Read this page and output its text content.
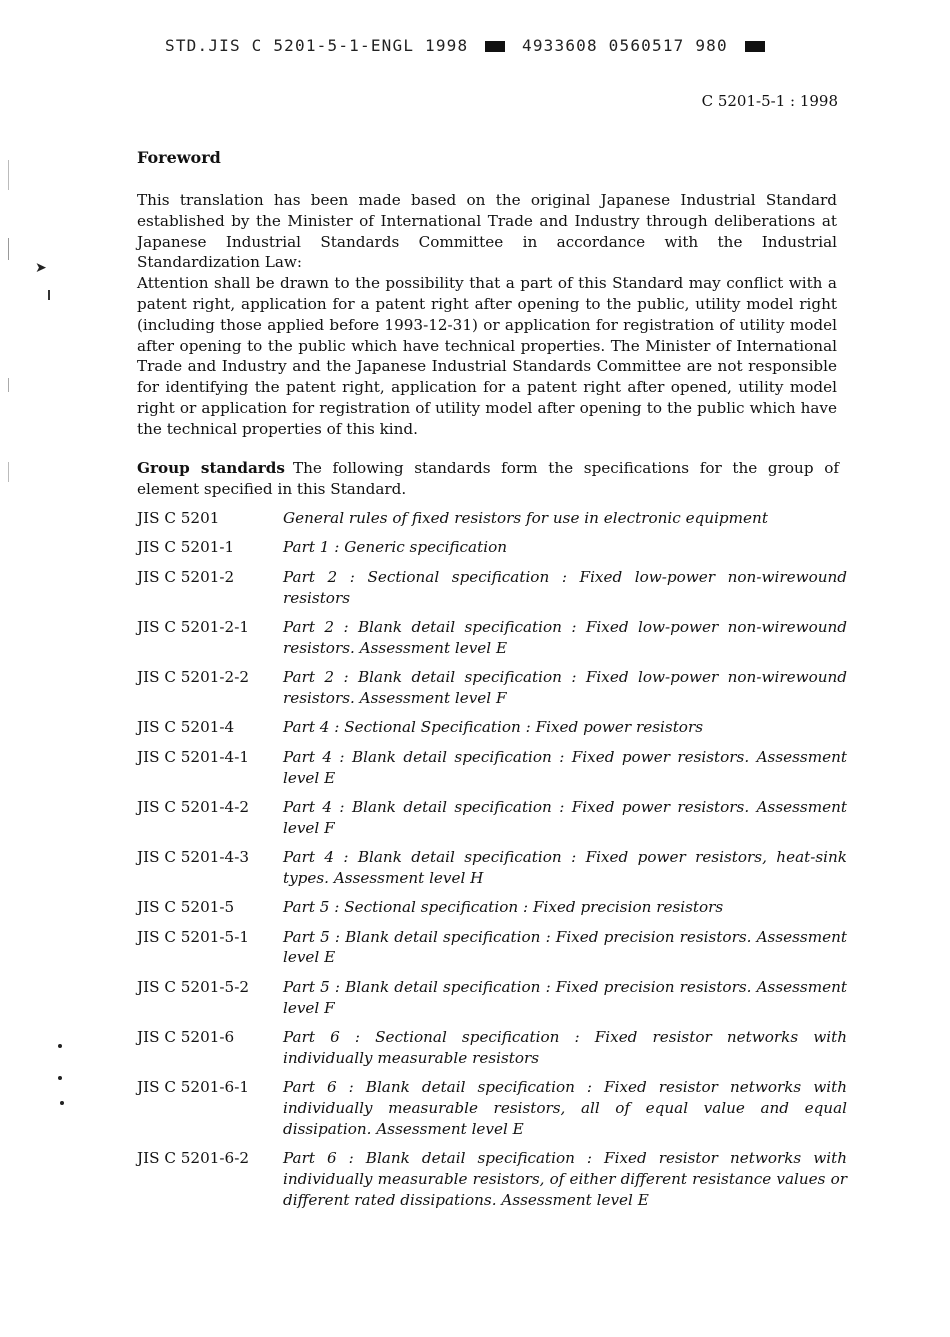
STD.JIS C 5201-5-1-ENGL 1998	4933608 0560517 980
C 5201-5-1 : 1998
Foreword

This translation has been made based on the original Japanese Industrial Standard established by the Minister of International Trade and Industry through deliberations at Japanese Industrial Standards Committee in accordance with the Industrial Standardization Law:

Attention shall be drawn to the possibility that a part of this Standard may conflict with a patent right, application for a patent right after opening to the public, utility model right (including those applied before 1993-12-31) or application for registration of utility model after opening to the public which have technical properties. The Minister of International Trade and Industry and the Japanese Industrial Standards Committee are not responsible for identifying the patent right, application for a patent right after opened, utility model right or application for registration of utility model after opening to the public which have the technical properties of this kind.

Group standards The following standards form the specifications for the group of element specified in this Standard.
JIS C 5201	General rules of fixed resistors for use in electronic equipment
JIS C 5201-1	Part 1 : Generic specification
JIS C 5201-2	Part 2 : Sectional specification : Fixed low-power non-wirewound resistors
JIS C 5201-2-1	Part 2 : Blank detail specification : Fixed low-power non-wirewound resistors. Assessment level E
JIS C 5201-2-2	Part 2 : Blank detail specification : Fixed low-power non-wirewound resistors. Assessment level F
JIS C 5201-4	Part 4 : Sectional Specification : Fixed power resistors
JIS C 5201-4-1	Part 4 : Blank detail specification : Fixed power resistors. Assessment level E
JIS C 5201-4-2	Part 4 : Blank detail specification : Fixed power resistors. Assessment level F
JIS C 5201-4-3	Part 4 : Blank detail specification : Fixed power resistors, heat-sink types. Assessment level H
JIS C 5201-5	Part 5 : Sectional specification : Fixed precision resistors
JIS C 5201-5-1	Part 5 : Blank detail specification : Fixed precision resistors. Assessment level E
JIS C 5201-5-2	Part 5 : Blank detail specification : Fixed precision resistors. Assessment level F
JIS C 5201-6	Part 6 : Sectional specification : Fixed resistor networks with individually measurable resistors
JIS C 5201-6-1	Part 6 : Blank detail specification : Fixed resistor networks with individually measurable resistors, all of equal value and equal dissipation. Assessment level E
JIS C 5201-6-2	Part 6 : Blank detail specification : Fixed resistor networks with individually measurable resistors, of either different resistance values or different rated dissipations. Assessment level E
➤
